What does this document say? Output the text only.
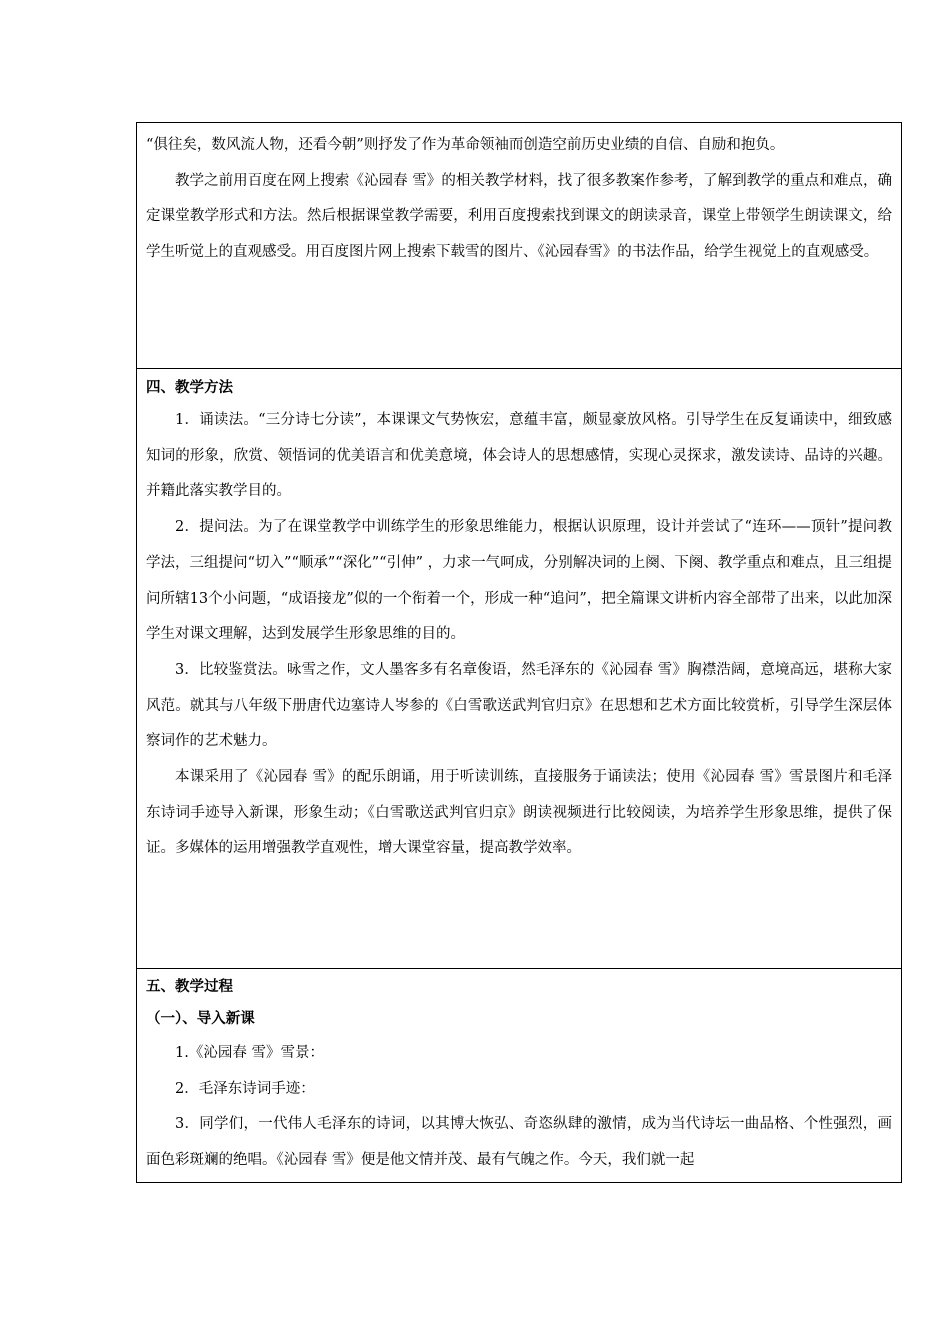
“俱往矣，数风流人物，还看今朝”则抒发了作为革命领袖而创造空前历史业绩的自信、自励和抱负。

教学之前用百度在网上搜索《沁园春 雪》的相关教学材料，找了很多教案作参考，了解到教学的重点和难点，确定课堂教学形式和方法。然后根据课堂教学需要，利用百度搜索找到课文的朗读录音，课堂上带领学生朗读课文，给学生听觉上的直观感受。用百度图片网上搜索下载雪的图片、《沁园春雪》的书法作品，给学生视觉上的直观感受。

四、教学方法

1．诵读法。“三分诗七分读”，本课课文气势恢宏，意蕴丰富，颇显豪放风格。引导学生在反复诵读中，细致感知词的形象，欣赏、领悟词的优美语言和优美意境，体会诗人的思想感情，实现心灵探求，激发读诗、品诗的兴趣。并籍此落实教学目的。

2．提问法。为了在课堂教学中训练学生的形象思维能力，根据认识原理，设计并尝试了“连环——顶针”提问教学法，三组提问“切入”“顺承”“深化”“引伸” ，力求一气呵成，分别解决词的上阕、下阕、教学重点和难点，且三组提问所辖13个小问题，“成语接龙”似的一个衔着一个，形成一种“追问”，把全篇课文讲析内容全部带了出来，以此加深学生对课文理解，达到发展学生形象思维的目的。

3．比较鉴赏法。咏雪之作，文人墨客多有名章俊语，然毛泽东的《沁园春 雪》胸襟浩阔，意境高远，堪称大家风范。就其与八年级下册唐代边塞诗人岑参的《白雪歌送武判官归京》在思想和艺术方面比较赏析，引导学生深层体察词作的艺术魅力。

本课采用了《沁园春 雪》的配乐朗诵，用于听读训练，直接服务于诵读法；使用《沁园春 雪》雪景图片和毛泽东诗词手迹导入新课，形象生动；《白雪歌送武判官归京》朗读视频进行比较阅读，为培养学生形象思维，提供了保证。多媒体的运用增强教学直观性，增大课堂容量，提高教学效率。

五、教学过程
（一）、导入新课

1.《沁园春 雪》雪景：

2．毛泽东诗词手迹：

3．同学们，一代伟人毛泽东的诗词，以其博大恢弘、奇恣纵肆的激情，成为当代诗坛一曲品格、个性强烈，画面色彩斑斓的绝唱。《沁园春 雪》便是他文情并茂、最有气魄之作。今天，我们就一起
